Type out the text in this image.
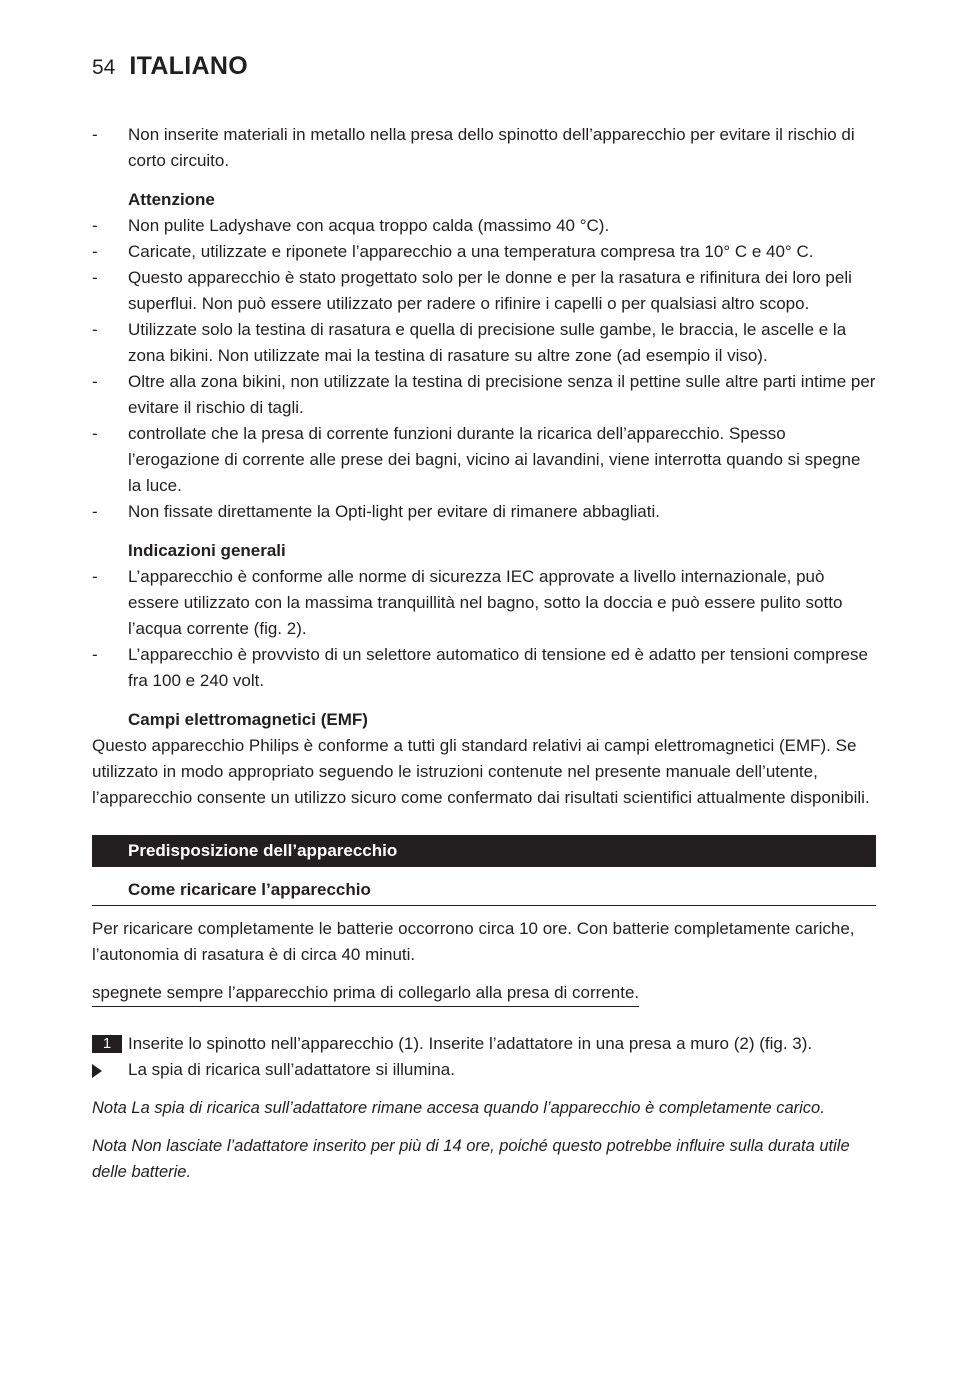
54 ITALIANO
- Non inserite materiali in metallo nella presa dello spinotto dell’apparecchio per evitare il rischio di corto circuito.
Attenzione
- Non pulite Ladyshave con acqua troppo calda (massimo 40 °C).
- Caricate, utilizzate e riponete l’apparecchio a una temperatura compresa tra 10° C e 40° C.
- Questo apparecchio è stato progettato solo per le donne e per la rasatura e rifinitura dei loro peli superflui. Non può essere utilizzato per radere o rifinire i capelli o per qualsiasi altro scopo.
- Utilizzate solo la testina di rasatura e quella di precisione sulle gambe, le braccia, le ascelle e la zona bikini. Non utilizzate mai la testina di rasature su altre zone (ad esempio il viso).
- Oltre alla zona bikini, non utilizzate la testina di precisione senza il pettine sulle altre parti intime per evitare il rischio di tagli.
- controllate che la presa di corrente funzioni durante la ricarica dell’apparecchio. Spesso l’erogazione di corrente alle prese dei bagni, vicino ai lavandini, viene interrotta quando si spegne la luce.
- Non fissate direttamente la Opti-light per evitare di rimanere abbagliati.
Indicazioni generali
- L’apparecchio è conforme alle norme di sicurezza IEC approvate a livello internazionale, può essere utilizzato con la massima tranquillità nel bagno, sotto la doccia e può essere pulito sotto l’acqua corrente (fig. 2).
- L’apparecchio è provvisto di un selettore automatico di tensione ed è adatto per tensioni comprese fra 100 e 240 volt.
Campi elettromagnetici (EMF)
Questo apparecchio Philips è conforme a tutti gli standard relativi ai campi elettromagnetici (EMF). Se utilizzato in modo appropriato seguendo le istruzioni contenute nel presente manuale dell’utente, l’apparecchio consente un utilizzo sicuro come confermato dai risultati scientifici attualmente disponibili.
Predisposizione dell’apparecchio
Come ricaricare l’apparecchio
Per ricaricare completamente le batterie occorrono circa 10 ore. Con batterie completamente cariche, l’autonomia di rasatura è di circa 40 minuti.
spegnete sempre l’apparecchio prima di collegarlo alla presa di corrente.
1 Inserite lo spinotto nell’apparecchio (1). Inserite l’adattatore in una presa a muro (2) (fig. 3).
La spia di ricarica sull’adattatore si illumina.
Nota La spia di ricarica sull’adattatore rimane accesa quando l’apparecchio è completamente carico.
Nota Non lasciate l’adattatore inserito per più di 14 ore, poiché questo potrebbe influire sulla durata utile delle batterie.
